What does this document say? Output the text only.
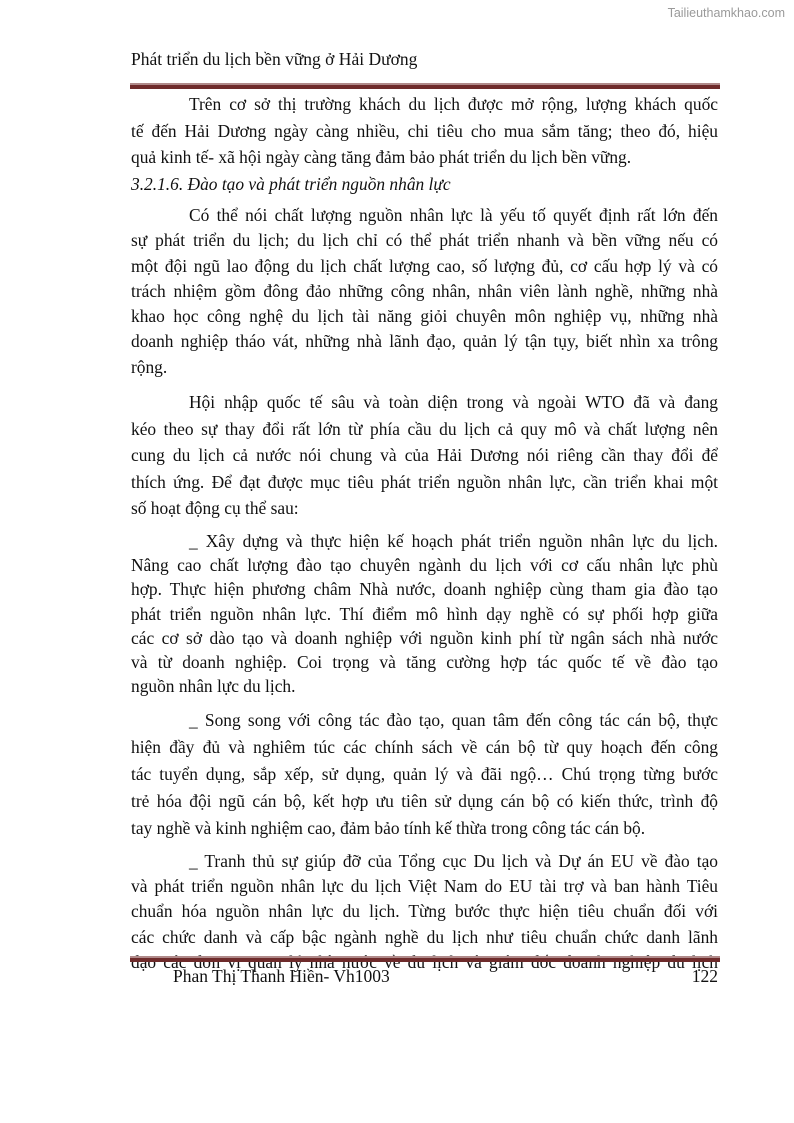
Tailieuthamkhao.com
Phát triển du lịch bền vững ở Hải Dương
Trên cơ sở thị trường khách du lịch được mở rộng, lượng khách quốc
tế đến Hải Dương ngày càng nhiều, chi tiêu cho mua sắm tăng; theo đó, hiệu
quả kinh tế- xã hội ngày càng tăng đảm bảo phát triển du lịch bền vững.
3.2.1.6. Đào tạo và phát triển nguồn nhân lực
Có thể nói chất lượng nguồn nhân lực là yếu tố quyết định rất lớn đến
sự phát triển du lịch; du lịch chỉ có thể phát triển nhanh và bền vững nếu có
một đội ngũ lao động du lịch chất lượng cao, số lượng đủ, cơ cấu hợp lý và có
trách nhiệm gồm đông đảo những công nhân, nhân viên lành nghề, những nhà
khao học công nghệ du lịch tài năng giỏi chuyên môn nghiệp vụ, những nhà
doanh nghiệp tháo vát, những nhà lãnh đạo, quản lý tận tụy, biết nhìn xa trông
rộng.
Hội nhập quốc tế sâu và toàn diện trong và ngoài WTO đã và đang
kéo theo sự thay đổi rất lớn từ phía cầu du lịch cả quy mô và chất lượng nên
cung du lịch cả nước nói chung và của Hải Dương nói riêng cần thay đổi để
thích ứng. Để đạt được mục tiêu phát triển nguồn nhân lực, cần triển khai một
số hoạt động cụ thể sau:
_ Xây dựng và thực hiện kế hoạch phát triển nguồn nhân lực du lịch.
Nâng cao chất lượng đào tạo chuyên ngành du lịch với cơ cấu nhân lực phù
hợp. Thực hiện phương châm Nhà nước, doanh nghiệp cùng tham gia đào tạo
phát triển nguồn nhân lực. Thí điểm mô hình dạy nghề có sự phối hợp giữa
các cơ sở dào tạo và doanh nghiệp với nguồn kinh phí từ ngân sách nhà nước
và từ doanh nghiệp. Coi trọng và tăng cường hợp tác quốc tế về đào tạo
nguồn nhân lực du lịch.
_ Song song với công tác đào tạo, quan tâm đến công tác cán bộ, thực
hiện đầy đủ và nghiêm túc các chính sách về cán bộ từ quy hoạch đến công
tác tuyển dụng, sắp xếp, sử dụng, quản lý và đãi ngộ… Chú trọng từng bước
trẻ hóa đội ngũ cán bộ, kết hợp ưu tiên sử dụng cán bộ có kiến thức, trình độ
tay nghề và kinh nghiệm cao, đảm bảo tính kế thừa trong công tác cán bộ.
_ Tranh thủ sự giúp đỡ của Tổng cục Du lịch và Dự án EU về đào tạo
và phát triển nguồn nhân lực du lịch Việt Nam do EU tài trợ và ban hành Tiêu
chuẩn hóa nguồn nhân lực du lịch. Từng bước thực hiện tiêu chuẩn đối với
các chức danh và cấp bậc ngành nghề du lịch như tiêu chuẩn chức danh lãnh
Phan Thị Thanh Hiền- Vh1003	122
